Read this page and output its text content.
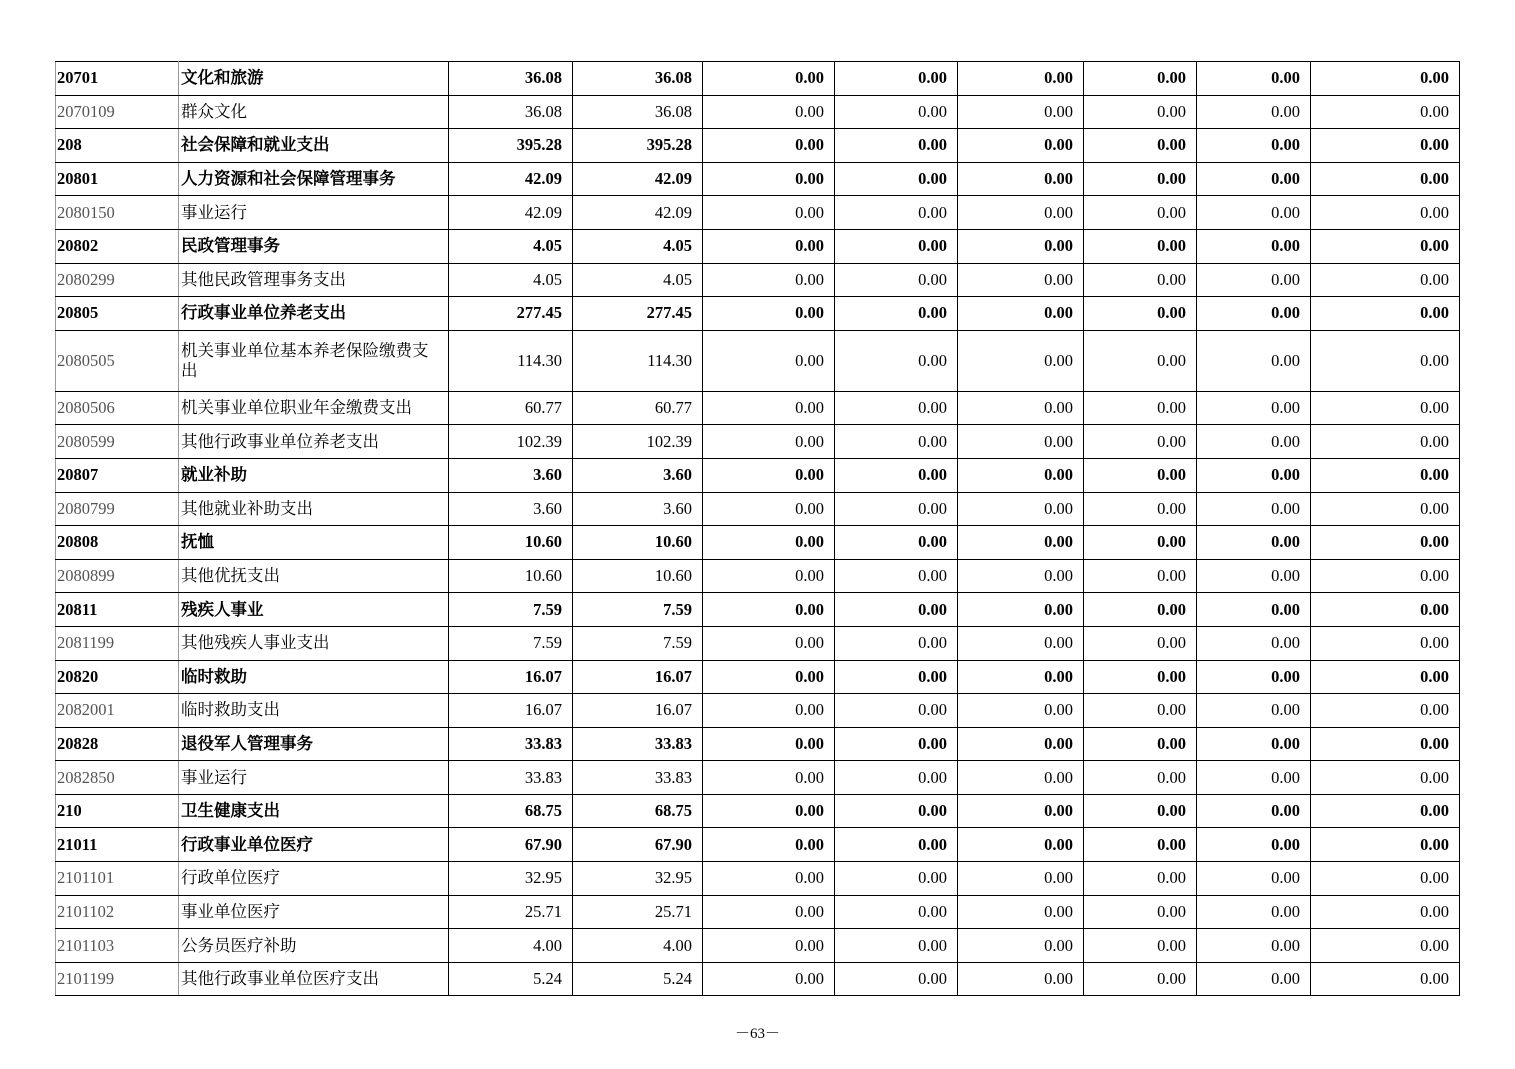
20701	文化和旅游	36.08	36.08	0.00	0.00	0.00	0.00	0.00	0.00
2070109	群众文化	36.08	36.08	0.00	0.00	0.00	0.00	0.00	0.00
208	社会保障和就业支出	395.28	395.28	0.00	0.00	0.00	0.00	0.00	0.00
20801	人力资源和社会保障管理事务	42.09	42.09	0.00	0.00	0.00	0.00	0.00	0.00
2080150	事业运行	42.09	42.09	0.00	0.00	0.00	0.00	0.00	0.00
20802	民政管理事务	4.05	4.05	0.00	0.00	0.00	0.00	0.00	0.00
2080299	其他民政管理事务支出	4.05	4.05	0.00	0.00	0.00	0.00	0.00	0.00
20805	行政事业单位养老支出	277.45	277.45	0.00	0.00	0.00	0.00	0.00	0.00
2080505	机关事业单位基本养老保险缴费支出	114.30	114.30	0.00	0.00	0.00	0.00	0.00	0.00
2080506	机关事业单位职业年金缴费支出	60.77	60.77	0.00	0.00	0.00	0.00	0.00	0.00
2080599	其他行政事业单位养老支出	102.39	102.39	0.00	0.00	0.00	0.00	0.00	0.00
20807	就业补助	3.60	3.60	0.00	0.00	0.00	0.00	0.00	0.00
2080799	其他就业补助支出	3.60	3.60	0.00	0.00	0.00	0.00	0.00	0.00
20808	抚恤	10.60	10.60	0.00	0.00	0.00	0.00	0.00	0.00
2080899	其他优抚支出	10.60	10.60	0.00	0.00	0.00	0.00	0.00	0.00
20811	残疾人事业	7.59	7.59	0.00	0.00	0.00	0.00	0.00	0.00
2081199	其他残疾人事业支出	7.59	7.59	0.00	0.00	0.00	0.00	0.00	0.00
20820	临时救助	16.07	16.07	0.00	0.00	0.00	0.00	0.00	0.00
2082001	临时救助支出	16.07	16.07	0.00	0.00	0.00	0.00	0.00	0.00
20828	退役军人管理事务	33.83	33.83	0.00	0.00	0.00	0.00	0.00	0.00
2082850	事业运行	33.83	33.83	0.00	0.00	0.00	0.00	0.00	0.00
210	卫生健康支出	68.75	68.75	0.00	0.00	0.00	0.00	0.00	0.00
21011	行政事业单位医疗	67.90	67.90	0.00	0.00	0.00	0.00	0.00	0.00
2101101	行政单位医疗	32.95	32.95	0.00	0.00	0.00	0.00	0.00	0.00
2101102	事业单位医疗	25.71	25.71	0.00	0.00	0.00	0.00	0.00	0.00
2101103	公务员医疗补助	4.00	4.00	0.00	0.00	0.00	0.00	0.00	0.00
2101199	其他行政事业单位医疗支出	5.24	5.24	0.00	0.00	0.00	0.00	0.00	0.00
－63－
